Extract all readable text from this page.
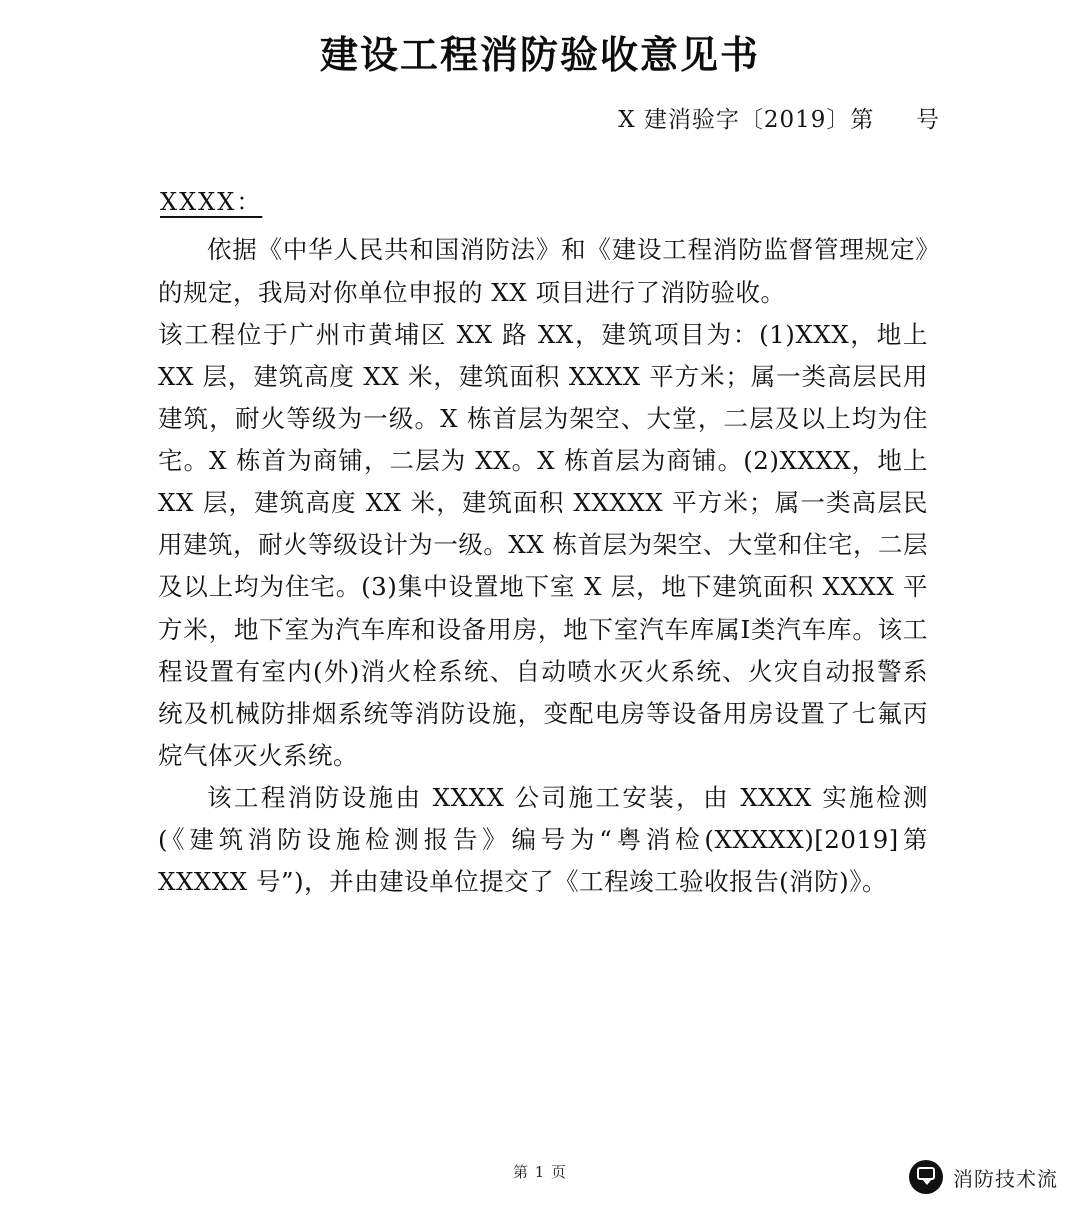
建设工程消防验收意见书
X 建消验字〔2019〕第     号
XXXX：

依据《中华人民共和国消防法》和《建设工程消防监督管理规定》的规定，我局对你单位申报的 XX 项目进行了消防验收。

该工程位于广州市黄埔区 XX 路 XX，建筑项目为：(1)XXX，地上 XX 层，建筑高度 XX 米，建筑面积 XXXX 平方米；属一类高层民用建筑，耐火等级为一级。X 栋首层为架空、大堂，二层及以上均为住宅。X 栋首为商铺，二层为 XX。X 栋首层为商铺。(2)XXXX，地上 XX 层，建筑高度 XX 米，建筑面积 XXXXX 平方米；属一类高层民用建筑，耐火等级设计为一级。XX 栋首层为架空、大堂和住宅，二层及以上均为住宅。(3)集中设置地下室 X 层，地下建筑面积 XXXX 平方米，地下室为汽车库和设备用房，地下室汽车库属Ⅰ类汽车库。该工程设置有室内(外)消火栓系统、自动喷水灭火系统、火灾自动报警系统及机械防排烟系统等消防设施，变配电房等设备用房设置了七氟丙烷气体灭火系统。

该工程消防设施由 XXXX 公司施工安装，由 XXXX 实施检测(《建筑消防设施检测报告》编号为“粤消检(XXXXX)[2019]第 XXXXX 号”)，并由建设单位提交了《工程竣工验收报告(消防)》。

第 1 页	消防技术流
